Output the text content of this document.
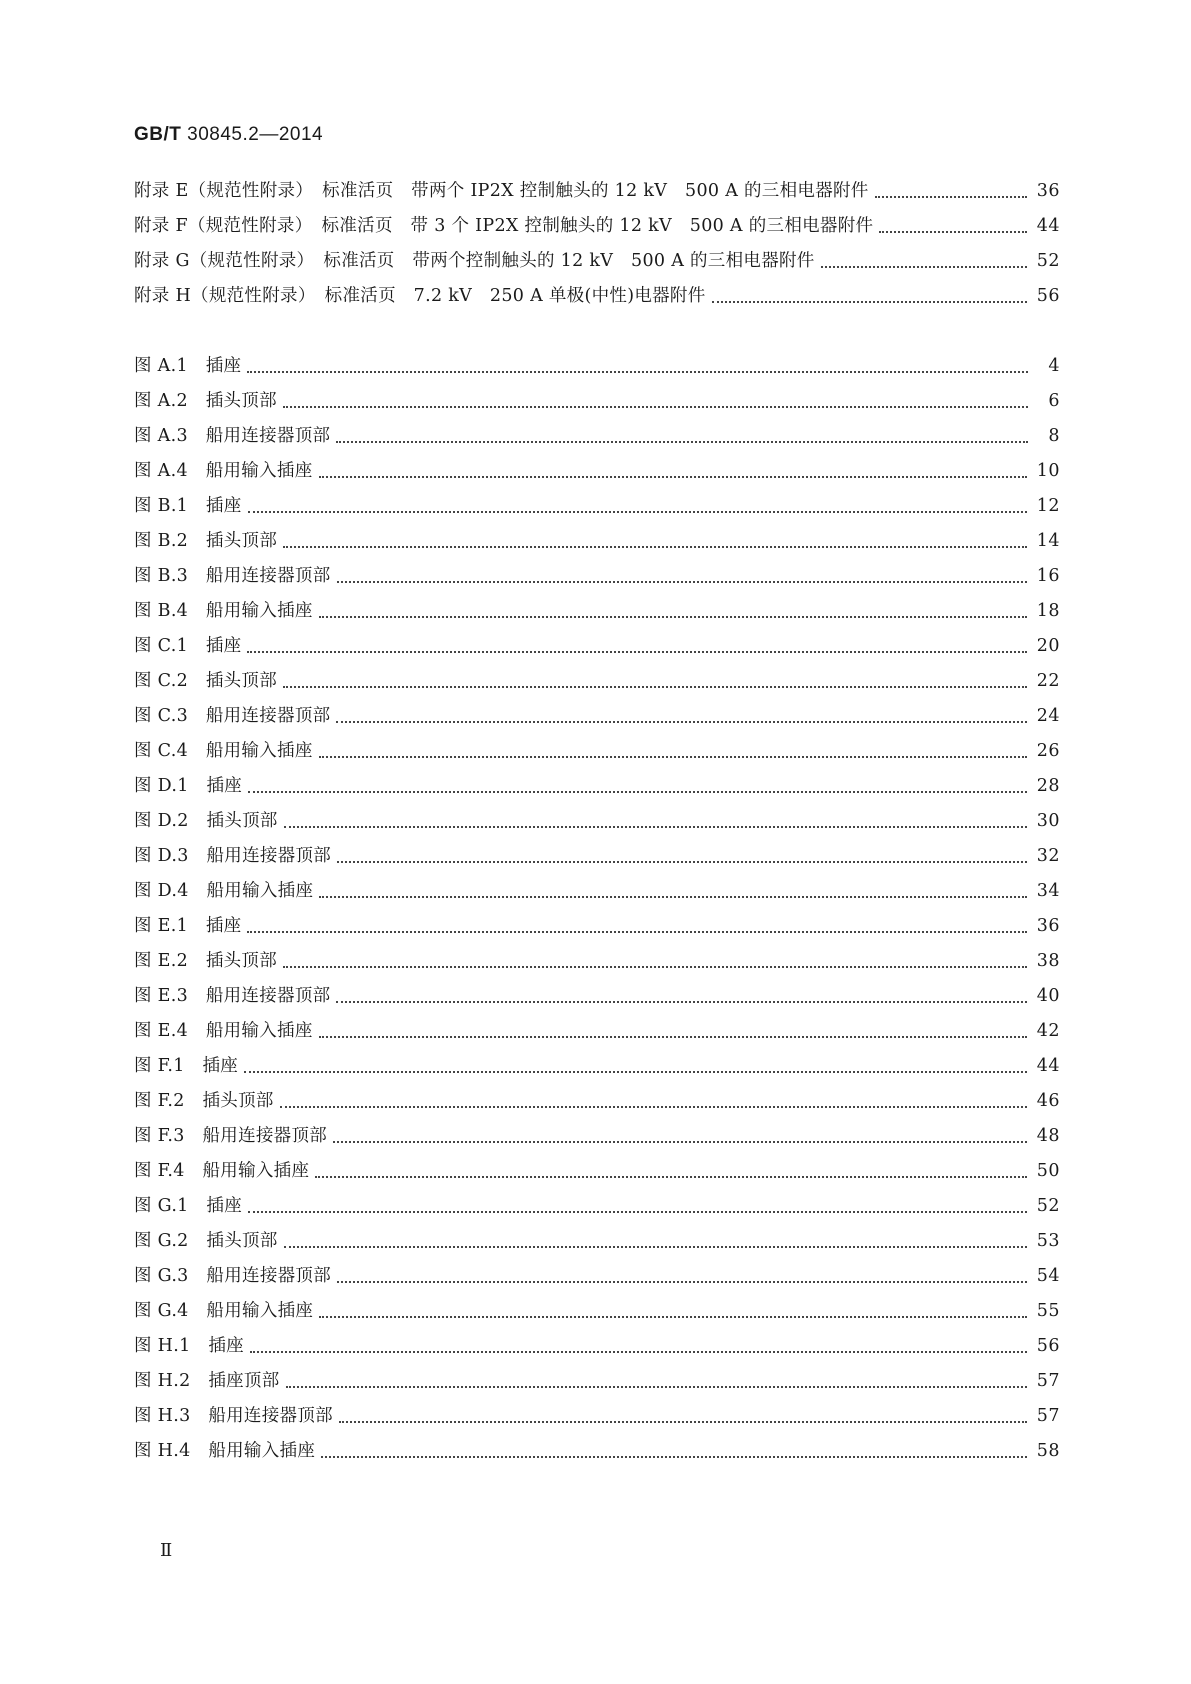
GB/T 30845.2—2014
附录 E（规范性附录）　标准活页　带两个 IP2X 控制触头的 12 kV　500 A 的三相电器附件	36
附录 F（规范性附录）　标准活页　带 3 个 IP2X 控制触头的 12 kV　500 A 的三相电器附件	44
附录 G（规范性附录）　标准活页　带两个控制触头的 12 kV　500 A 的三相电器附件	52
附录 H（规范性附录）　标准活页　7.2 kV　250 A 单极(中性)电器附件	56
图 A.1　插座	4
图 A.2　插头顶部	6
图 A.3　船用连接器顶部	8
图 A.4　船用输入插座	10
图 B.1　插座	12
图 B.2　插头顶部	14
图 B.3　船用连接器顶部	16
图 B.4　船用输入插座	18
图 C.1　插座	20
图 C.2　插头顶部	22
图 C.3　船用连接器顶部	24
图 C.4　船用输入插座	26
图 D.1　插座	28
图 D.2　插头顶部	30
图 D.3　船用连接器顶部	32
图 D.4　船用输入插座	34
图 E.1　插座	36
图 E.2　插头顶部	38
图 E.3　船用连接器顶部	40
图 E.4　船用输入插座	42
图 F.1　插座	44
图 F.2　插头顶部	46
图 F.3　船用连接器顶部	48
图 F.4　船用输入插座	50
图 G.1　插座	52
图 G.2　插头顶部	53
图 G.3　船用连接器顶部	54
图 G.4　船用输入插座	55
图 H.1　插座	56
图 H.2　插座顶部	57
图 H.3　船用连接器顶部	57
图 H.4　船用输入插座	58
Ⅱ
